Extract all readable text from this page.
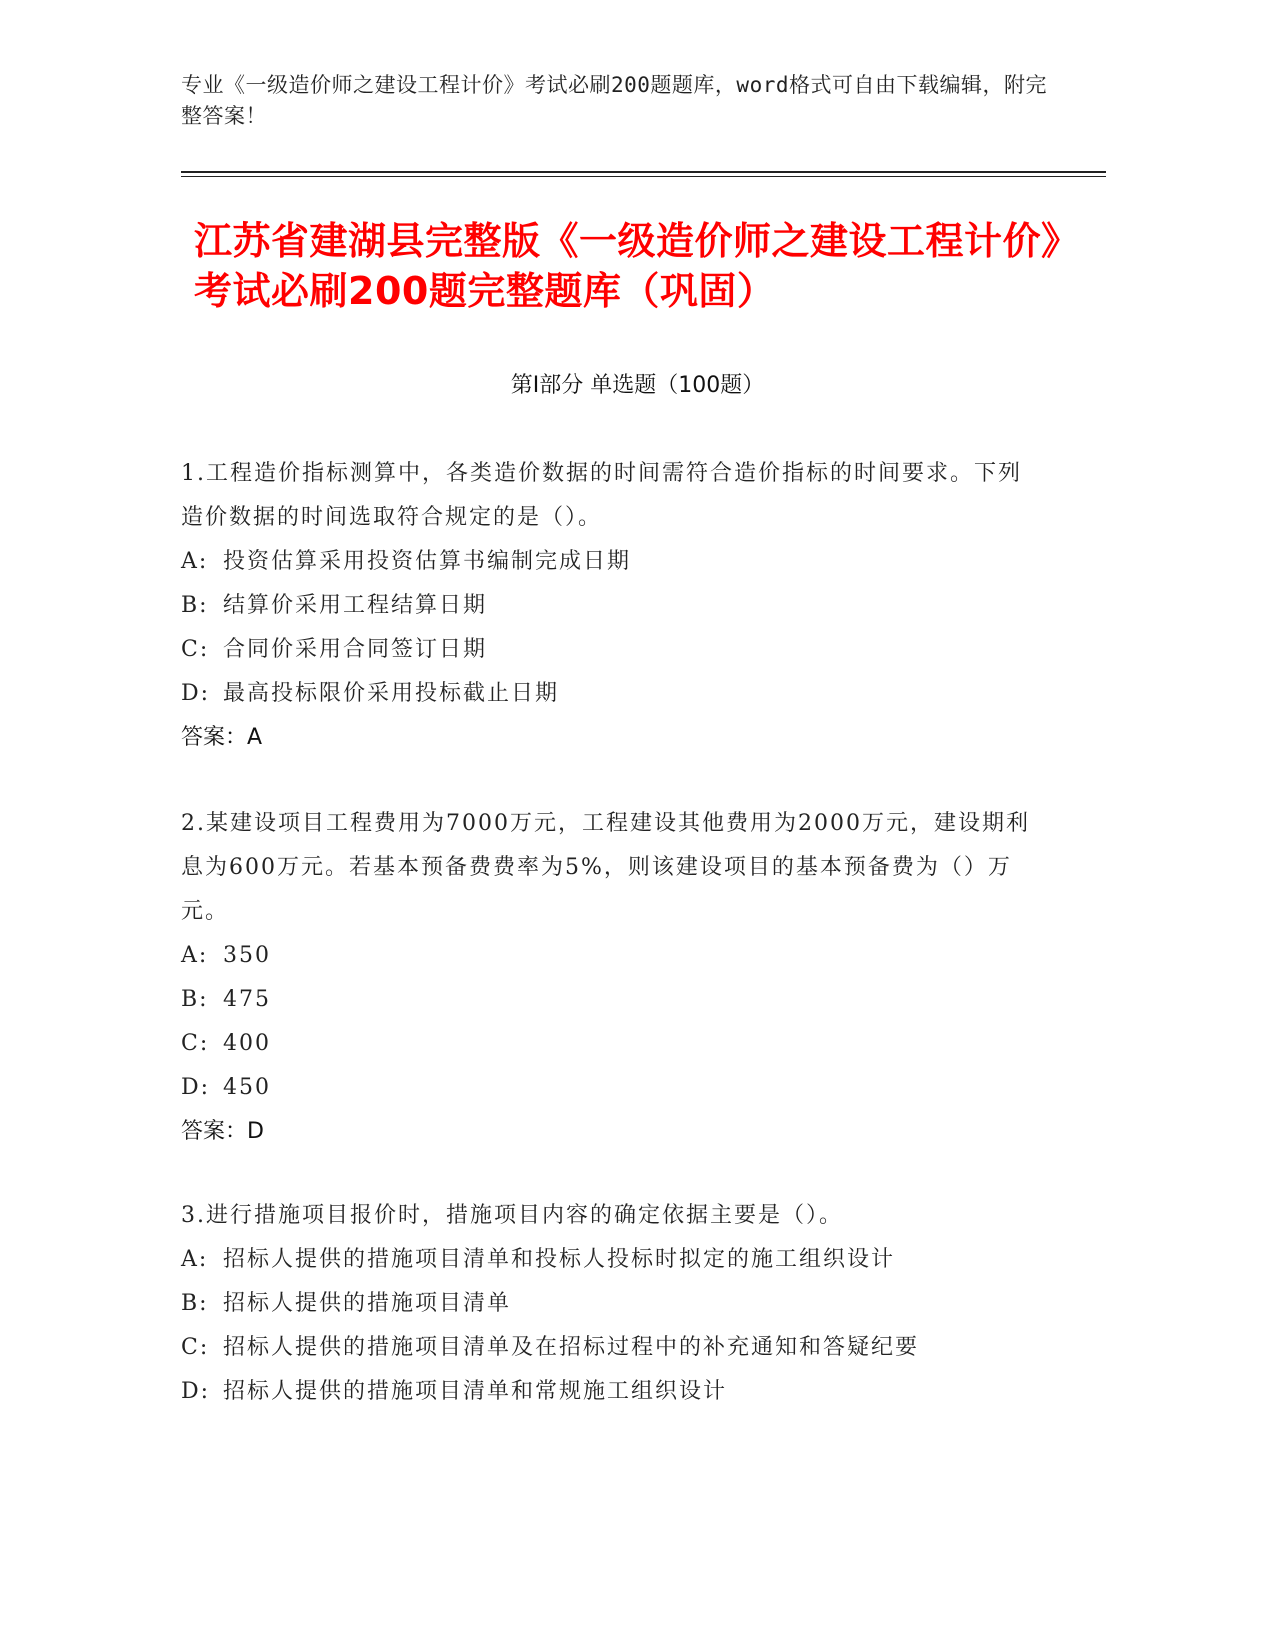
专业《一级造价师之建设工程计价》考试必刷200题题库，word格式可自由下载编辑，附完整答案！
江苏省建湖县完整版《一级造价师之建设工程计价》考试必刷200题完整题库（巩固）
第Ⅰ部分 单选题（100题）
1.工程造价指标测算中，各类造价数据的时间需符合造价指标的时间要求。下列造价数据的时间选取符合规定的是（）。
A: 投资估算采用投资估算书编制完成日期
B: 结算价采用工程结算日期
C: 合同价采用合同签订日期
D: 最高投标限价采用投标截止日期
答案：A
2.某建设项目工程费用为7000万元，工程建设其他费用为2000万元，建设期利息为600万元。若基本预备费费率为5%，则该建设项目的基本预备费为（）万元。
A: 350
B: 475
C: 400
D: 450
答案：D
3.进行措施项目报价时，措施项目内容的确定依据主要是（）。
A: 招标人提供的措施项目清单和投标人投标时拟定的施工组织设计
B: 招标人提供的措施项目清单
C: 招标人提供的措施项目清单及在招标过程中的补充通知和答疑纪要
D: 招标人提供的措施项目清单和常规施工组织设计
